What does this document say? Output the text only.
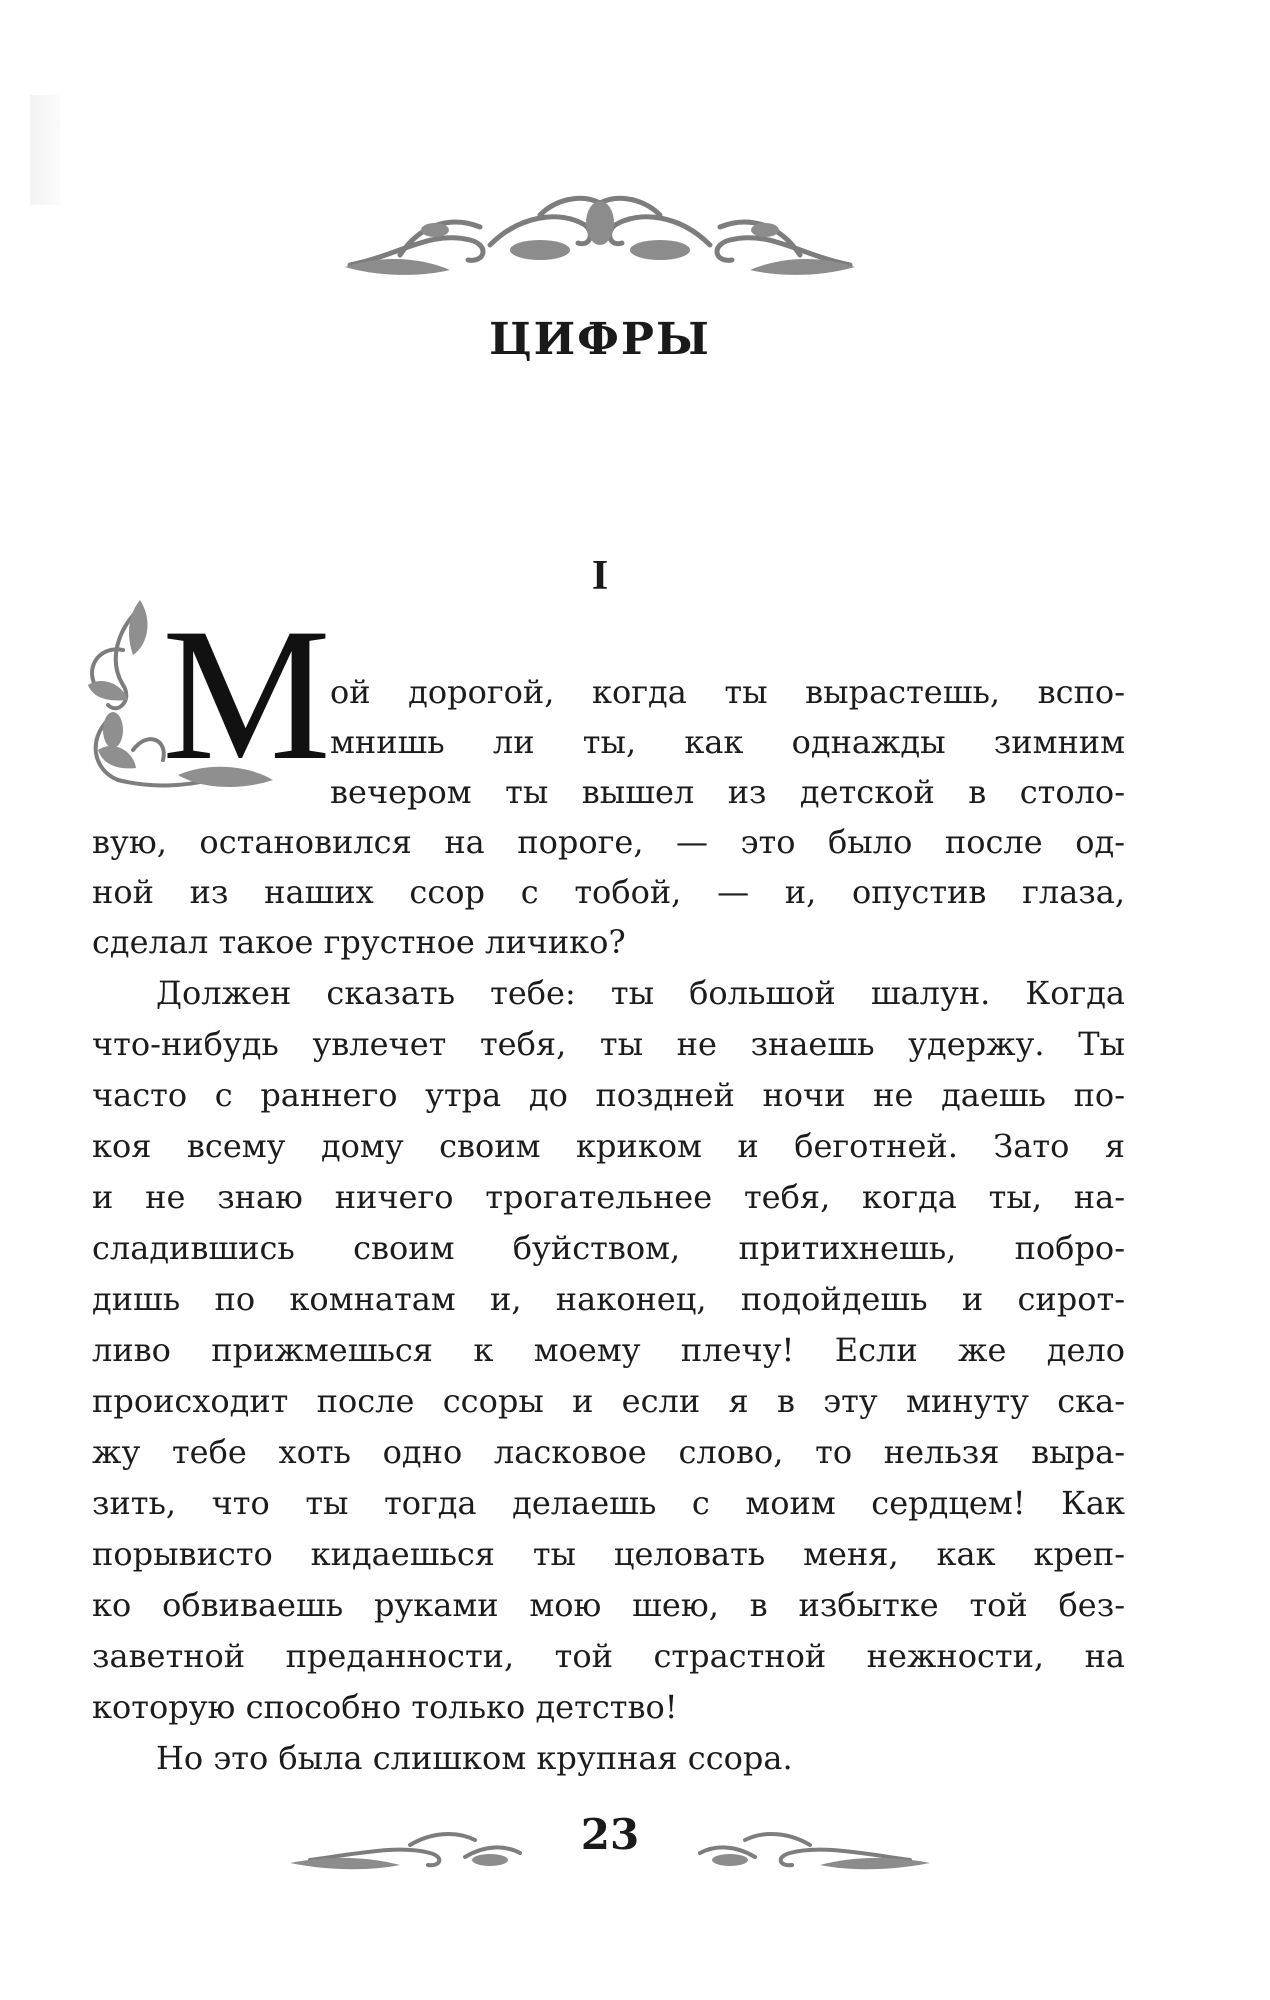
ЦИФРЫ
I
М ой дорогой, когда ты вырастешь, вспо-
мнишь ли ты, как однажды зимним
вечером ты вышел из детской в столо-
вую, остановился на пороге, — это было после од-
ной из наших ссор с тобой, — и, опустив глаза,
сделал такое грустное личико?
Должен сказать тебе: ты большой шалун. Когда
что-нибудь увлечет тебя, ты не знаешь удержу. Ты
часто с раннего утра до поздней ночи не даешь по-
коя всему дому своим криком и беготней. Зато я
и не знаю ничего трогательнее тебя, когда ты, на-
сладившись своим буйством, притихнешь, побро-
дишь по комнатам и, наконец, подойдешь и сирот-
ливо прижмешься к моему плечу! Если же дело
происходит после ссоры и если я в эту минуту ска-
жу тебе хоть одно ласковое слово, то нельзя выра-
зить, что ты тогда делаешь с моим сердцем! Как
порывисто кидаешься ты целовать меня, как креп-
ко обвиваешь руками мою шею, в избытке той без-
заветной преданности, той страстной нежности, на
которую способно только детство!
Но это была слишком крупная ссора.
23
